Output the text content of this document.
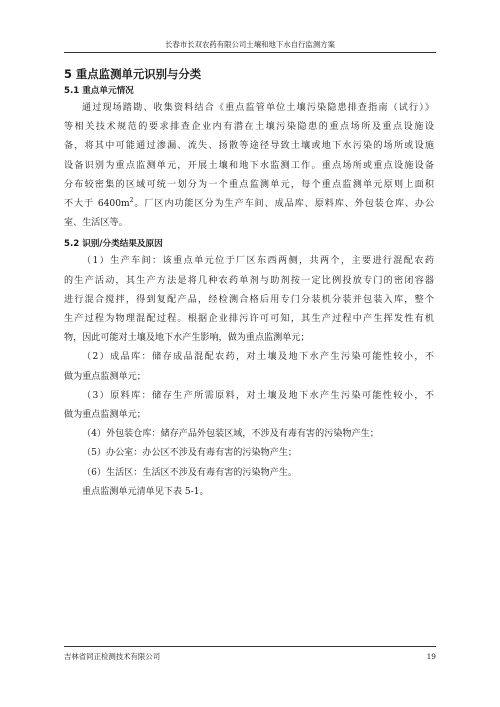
长春市长双农药有限公司土壤和地下水自行监测方案
5 重点监测单元识别与分类
5.1 重点单元情况
通过现场踏勘、收集资料结合《重点监管单位土壤污染隐患排查指南（试行）》
等相关技术规范的要求排查企业内有潜在土壤污染隐患的重点场所及重点设施设
备，将其中可能通过渗漏、流失、扬散等途径导致土壤或地下水污染的场所或设施
设备识别为重点监测单元，开展土壤和地下水监测工作。重点场所或重点设施设备
分布较密集的区域可统一划分为一个重点监测单元，每个重点监测单元原则上面积
不大于 $6400m^2$。厂区内功能区分为生产车间、成品库、原料库、外包装仓库、办公
室、生活区等。
5.2 识别/分类结果及原因
（1）生产车间：该重点单元位于厂区东西两侧，共两个，主要进行混配农药
的生产活动，其生产方法是将几种农药单剂与助剂按一定比例投放专门的密闭容器
进行混合搅拌，得到复配产品，经检测合格后用专门分装机分装并包装入库，整个
生产过程为物理混配过程。根据企业排污许可可知，其生产过程中产生挥发性有机
物，因此可能对土壤及地下水产生影响，做为重点监测单元；
（2）成品库：储存成品混配农药，对土壤及地下水产生污染可能性较小，不
做为重点监测单元；
（3）原料库：储存生产所需原料，对土壤及地下水产生污染可能性较小，不
做为重点监测单元；
（4）外包装仓库：储存产品外包装区域，不涉及有毒有害的污染物产生；
（5）办公室：办公区不涉及有毒有害的污染物产生；
（6）生活区：生活区不涉及有毒有害的污染物产生。
重点监测单元清单见下表 5-1。
吉林省同正检测技术有限公司	19
